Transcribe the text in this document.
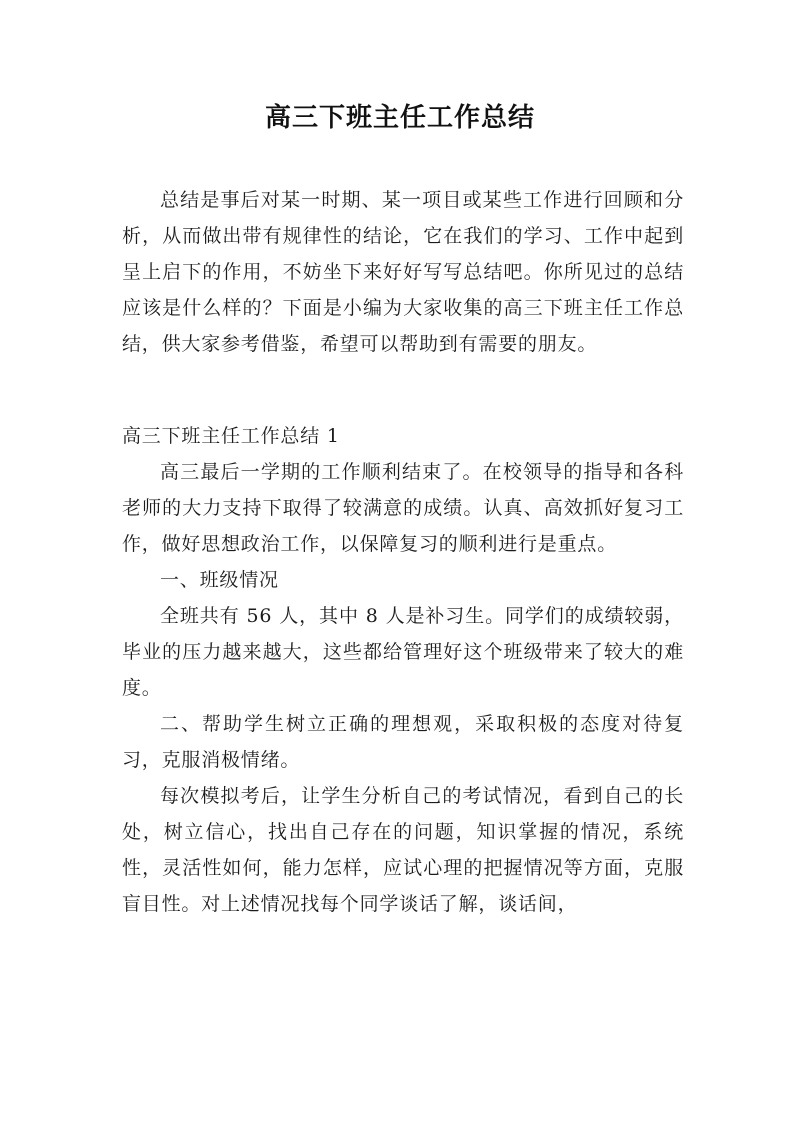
高三下班主任工作总结

总结是事后对某一时期、某一项目或某些工作进行回顾和分析，从而做出带有规律性的结论，它在我们的学习、工作中起到呈上启下的作用，不妨坐下来好好写写总结吧。你所见过的总结应该是什么样的？下面是小编为大家收集的高三下班主任工作总结，供大家参考借鉴，希望可以帮助到有需要的朋友。

高三下班主任工作总结 1

高三最后一学期的工作顺利结束了。在校领导的指导和各科老师的大力支持下取得了较满意的成绩。认真、高效抓好复习工作，做好思想政治工作，以保障复习的顺利进行是重点。

一、班级情况

全班共有 56 人，其中 8 人是补习生。同学们的成绩较弱，毕业的压力越来越大，这些都给管理好这个班级带来了较大的难度。

二、帮助学生树立正确的理想观，采取积极的态度对待复习，克服消极情绪。

每次模拟考后，让学生分析自己的考试情况，看到自己的长处，树立信心，找出自己存在的问题，知识掌握的情况，系统性，灵活性如何，能力怎样，应试心理的把握情况等方面，克服盲目性。对上述情况找每个同学谈话了解，谈话间，
